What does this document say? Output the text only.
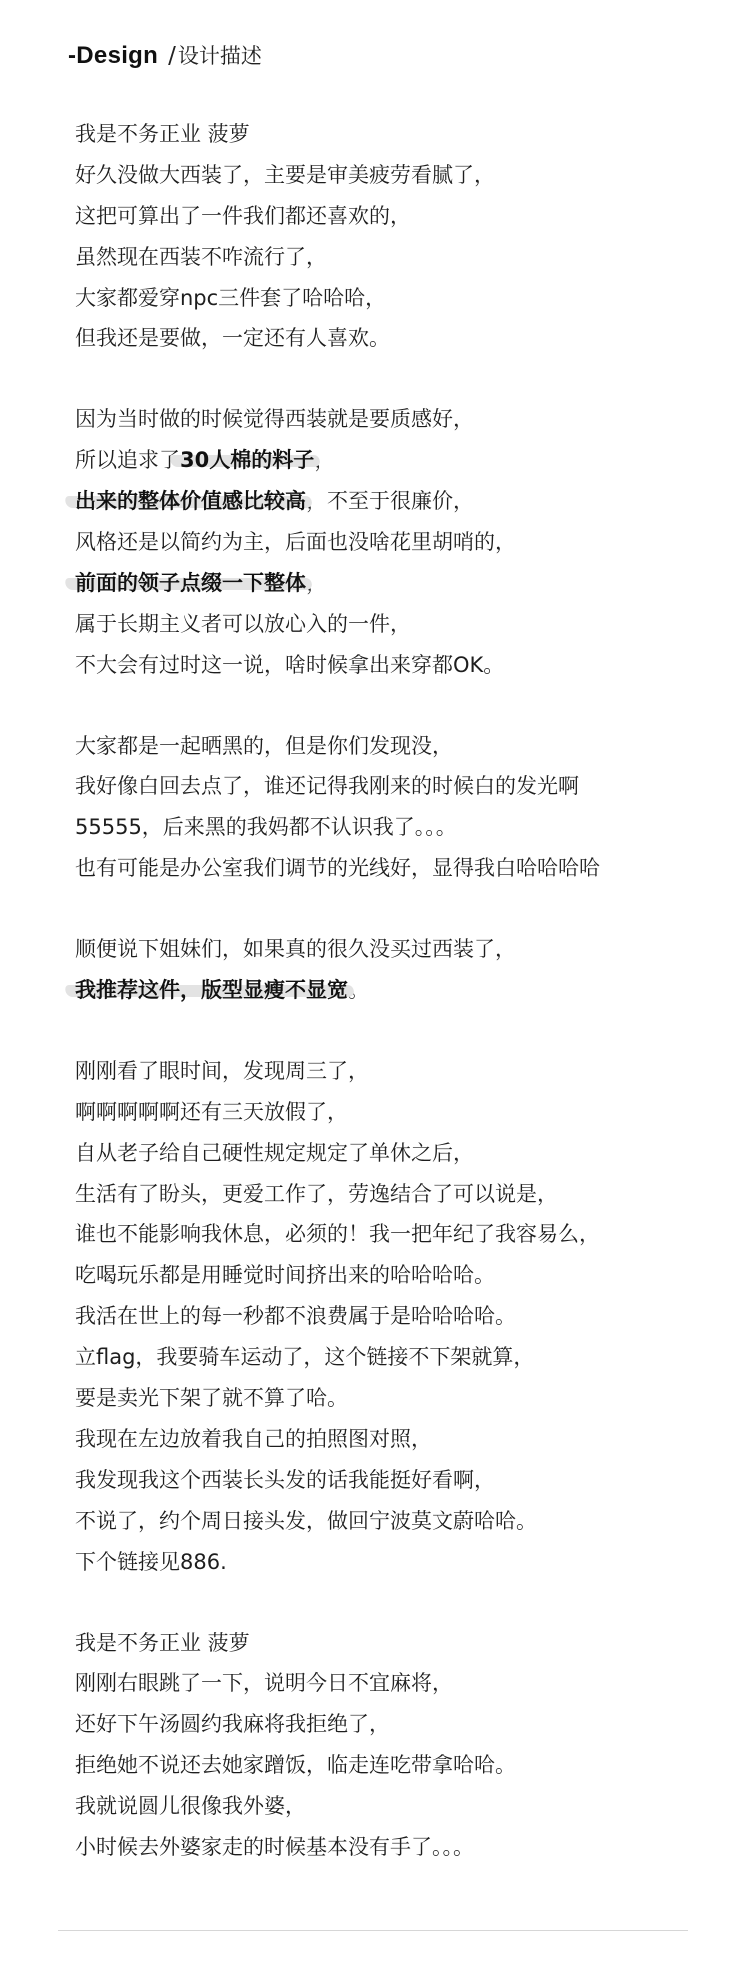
-Design / 设计描述
我是不务正业 菠萝
好久没做大西装了，主要是审美疲劳看腻了，
这把可算出了一件我们都还喜欢的，
虽然现在西装不咋流行了，
大家都爱穿npc三件套了哈哈哈，
但我还是要做，一定还有人喜欢。
因为当时做的时候觉得西装就是要质感好，
所以追求了30人棉的料子，
出来的整体价值感比较高，不至于很廉价，
风格还是以简约为主，后面也没啥花里胡哨的，
前面的领子点缀一下整体，
属于长期主义者可以放心入的一件，
不大会有过时这一说，啥时候拿出来穿都OK。
大家都是一起晒黑的，但是你们发现没，
我好像白回去点了，谁还记得我刚来的时候白的发光啊
55555，后来黑的我妈都不认识我了。。。
也有可能是办公室我们调节的光线好，显得我白哈哈哈哈
顺便说下姐妹们，如果真的很久没买过西装了，
我推荐这件，版型显瘦不显宽。
刚刚看了眼时间，发现周三了，
啊啊啊啊啊还有三天放假了，
自从老子给自己硬性规定规定了单休之后，
生活有了盼头，更爱工作了，劳逸结合了可以说是，
谁也不能影响我休息，必须的！我一把年纪了我容易么，
吃喝玩乐都是用睡觉时间挤出来的哈哈哈哈。
我活在世上的每一秒都不浪费属于是哈哈哈哈。
立flag，我要骑车运动了，这个链接不下架就算，
要是卖光下架了就不算了哈。
我现在左边放着我自己的拍照图对照，
我发现我这个西装长头发的话我能挺好看啊，
不说了，约个周日接头发，做回宁波莫文蔚哈哈。
下个链接见886.
我是不务正业 菠萝
刚刚右眼跳了一下，说明今日不宜麻将，
还好下午汤圆约我麻将我拒绝了，
拒绝她不说还去她家蹭饭，临走连吃带拿哈哈。
我就说圆儿很像我外婆，
小时候去外婆家走的时候基本没有手了。。。
